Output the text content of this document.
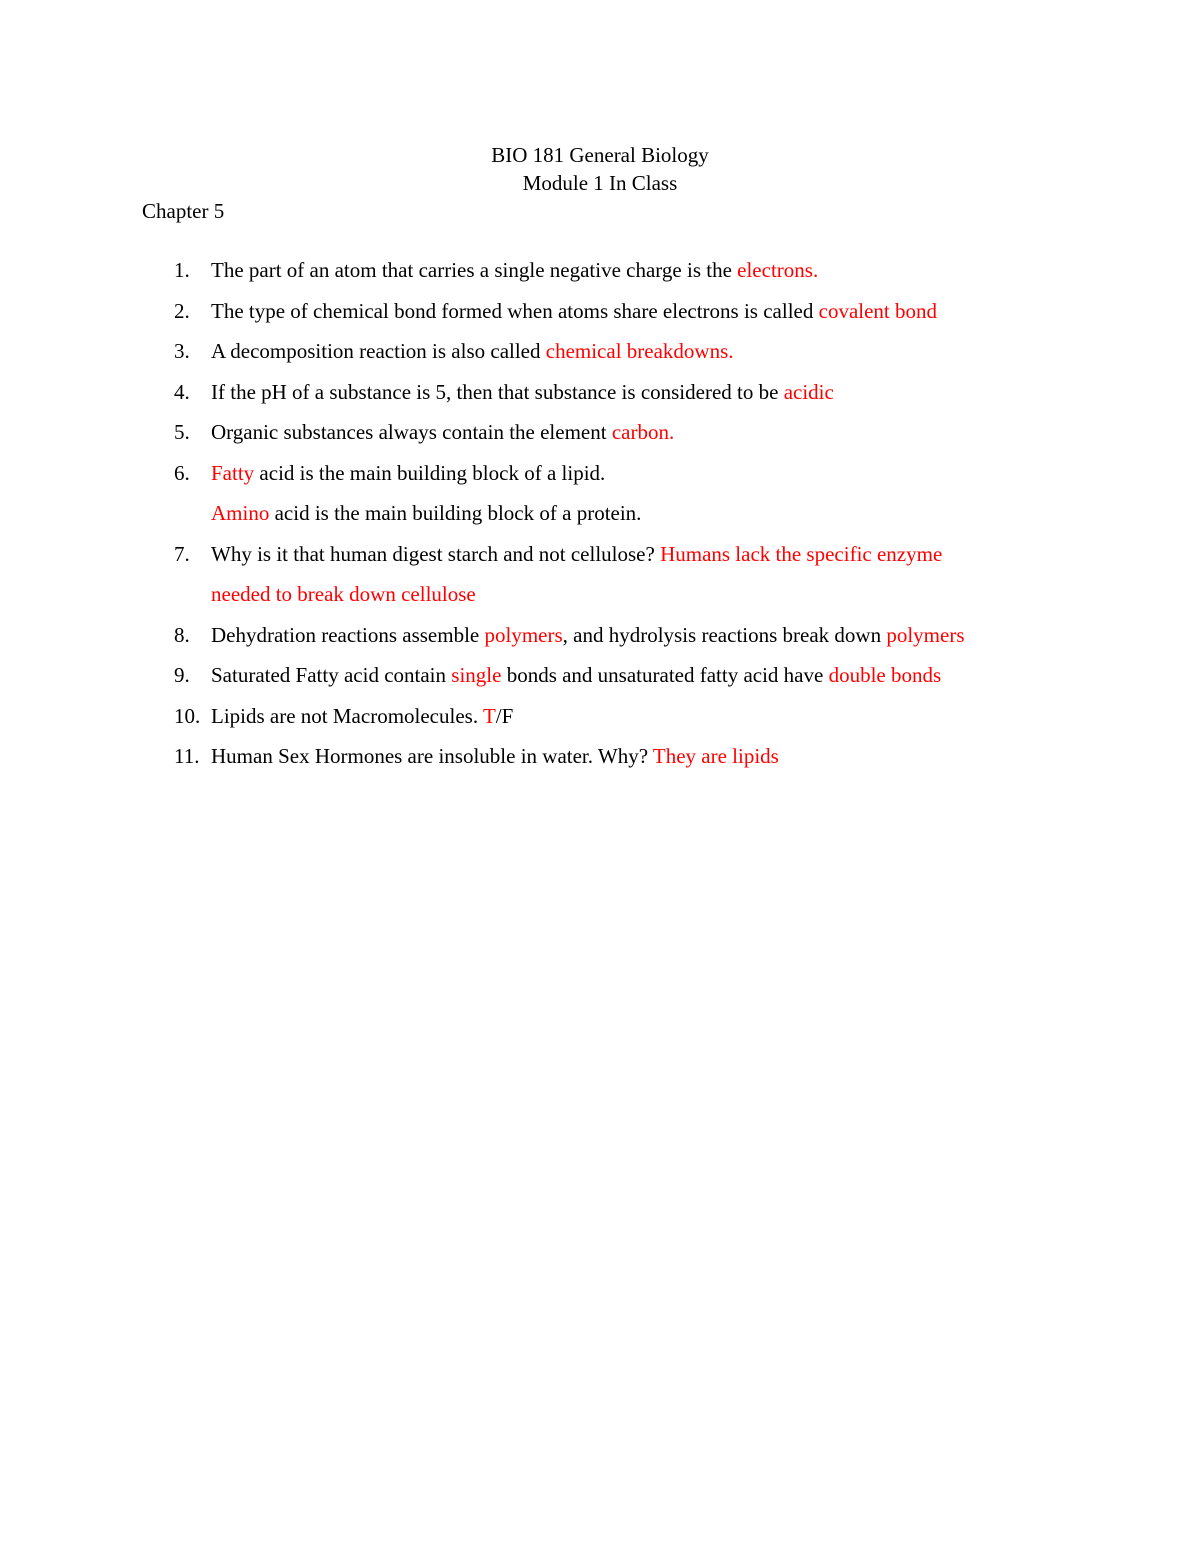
BIO 181 General Biology
Module 1 In Class
Chapter 5
1. The part of an atom that carries a single negative charge is the electrons.
2. The type of chemical bond formed when atoms share electrons is called covalent bond
3. A decomposition reaction is also called chemical breakdowns.
4. If the pH of a substance is 5, then that substance is considered to be acidic
5. Organic substances always contain the element carbon.
6. Fatty acid is the main building block of a lipid.
Amino acid is the main building block of a protein.
7. Why is it that human digest starch and not cellulose? Humans lack the specific enzyme
needed to break down cellulose
8. Dehydration reactions assemble polymers, and hydrolysis reactions break down polymers
9. Saturated Fatty acid contain single bonds and unsaturated fatty acid have double bonds
10. Lipids are not Macromolecules. T/F
11. Human Sex Hormones are insoluble in water. Why? They are lipids
